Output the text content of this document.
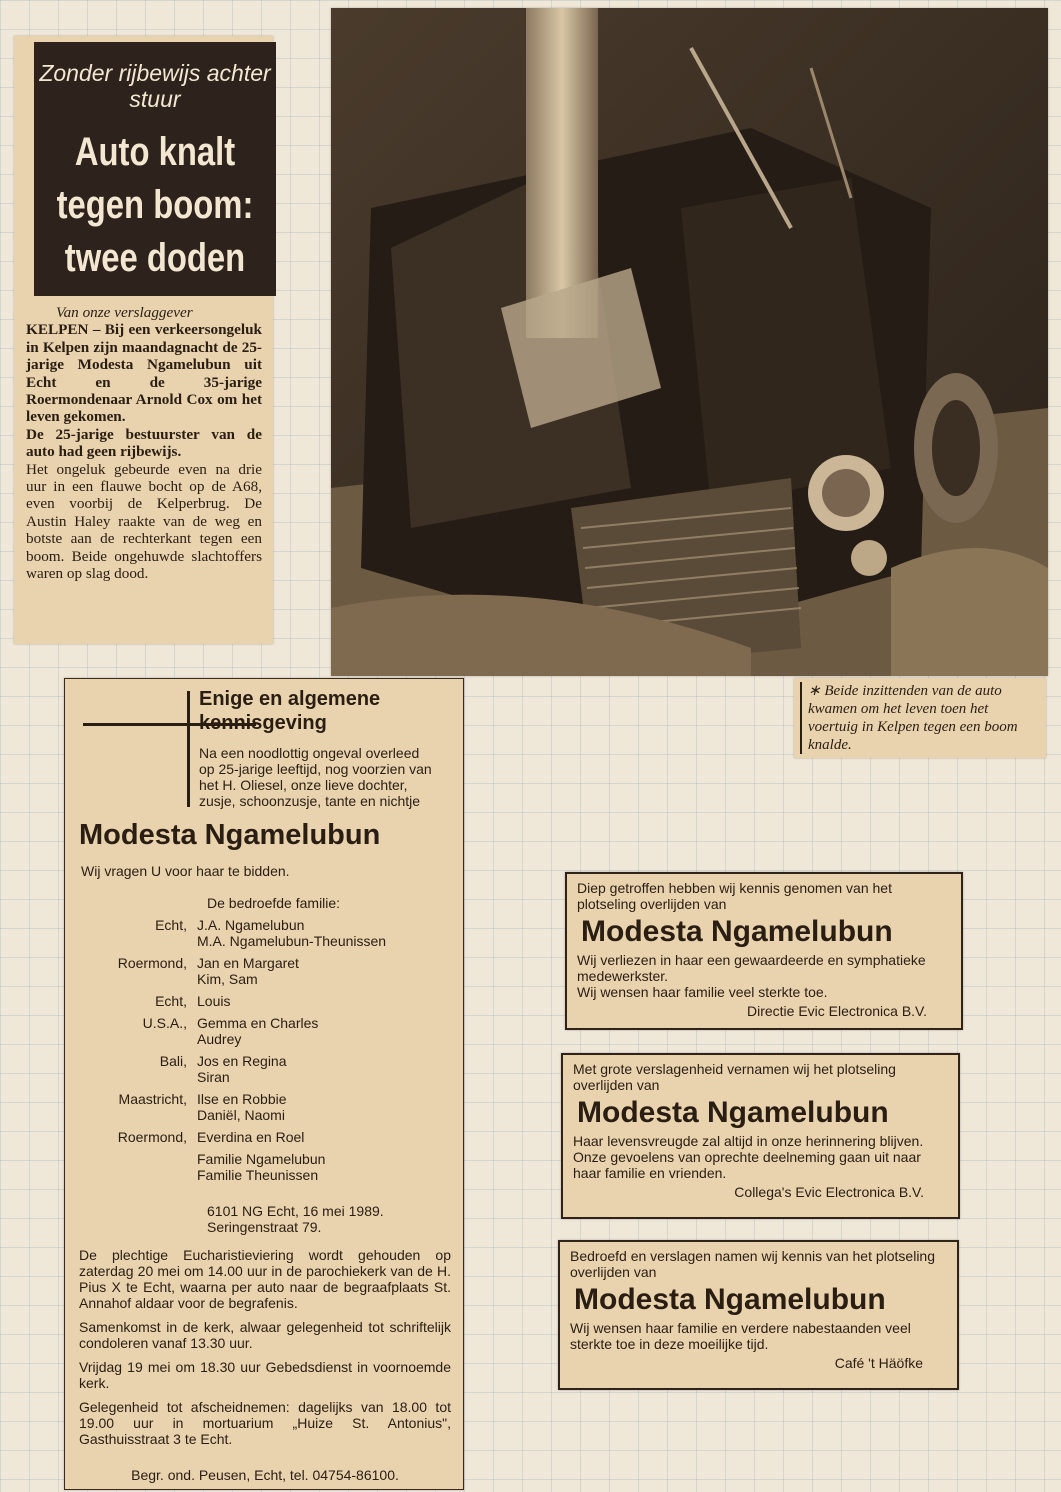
Zonder rijbewijs achter stuur
Auto knalt
tegen boom:
twee doden
Van onze verslaggever

KELPEN – Bij een verkeersongeluk in Kelpen zijn maandagnacht de 25-jarige Modesta Ngamelubun uit Echt en de 35-jarige Roermondenaar Arnold Cox om het leven gekomen.

De 25-jarige bestuurster van de auto had geen rijbewijs.

Het ongeluk gebeurde even na drie uur in een flauwe bocht op de A68, even voorbij de Kelperbrug. De Austin Haley raakte van de weg en botste aan de rechterkant tegen een boom. Beide ongehuwde slachtoffers waren op slag dood.

∗ Beide inzittenden van de auto kwamen om het leven toen het voertuig in Kelpen tegen een boom knalde.
Enige en algemene kennisgeving
Na een noodlottig ongeval overleed
op 25-jarige leeftijd, nog voorzien van
het H. Oliesel, onze lieve dochter,
zusje, schoonzusje, tante en nichtje
Modesta Ngamelubun
Wij vragen U voor haar te bidden.
De bedroefde familie:
Echt, J.A. Ngamelubun
M.A. Ngamelubun-Theunissen
Roermond, Jan en Margaret
Kim, Sam
Echt, Louis
U.S.A., Gemma en Charles
Audrey
Bali, Jos en Regina
Siran
Maastricht, Ilse en Robbie
Daniël, Naomi
Roermond, Everdina en Roel
Familie Ngamelubun
Familie Theunissen
6101 NG Echt, 16 mei 1989.
Seringenstraat 79.

De plechtige Eucharistieviering wordt gehouden op zaterdag 20 mei om 14.00 uur in de parochiekerk van de H. Pius X te Echt, waarna per auto naar de begraafplaats St. Annahof aldaar voor de begrafenis.

Samenkomst in de kerk, alwaar gelegenheid tot schriftelijk condoleren vanaf 13.30 uur.

Vrijdag 19 mei om 18.30 uur Gebedsdienst in voornoemde kerk.

Gelegenheid tot afscheidnemen: dagelijks van 18.00 tot 19.00 uur in mortuarium „Huize St. Antonius", Gasthuisstraat 3 te Echt.

Begr. ond. Peusen, Echt, tel. 04754-86100.
Diep getroffen hebben wij kennis genomen van het plotseling overlijden van
Modesta Ngamelubun
Wij verliezen in haar een gewaardeerde en symphatieke medewerkster.
Wij wensen haar familie veel sterkte toe.
Directie Evic Electronica B.V.
Met grote verslagenheid vernamen wij het plotseling overlijden van
Modesta Ngamelubun
Haar levensvreugde zal altijd in onze herinnering blijven. Onze gevoelens van oprechte deelneming gaan uit naar haar familie en vrienden.
Collega's Evic Electronica B.V.
Bedroefd en verslagen namen wij kennis van het plotseling overlijden van
Modesta Ngamelubun
Wij wensen haar familie en verdere nabestaanden veel sterkte toe in deze moeilijke tijd.
Café 't Häöfke
